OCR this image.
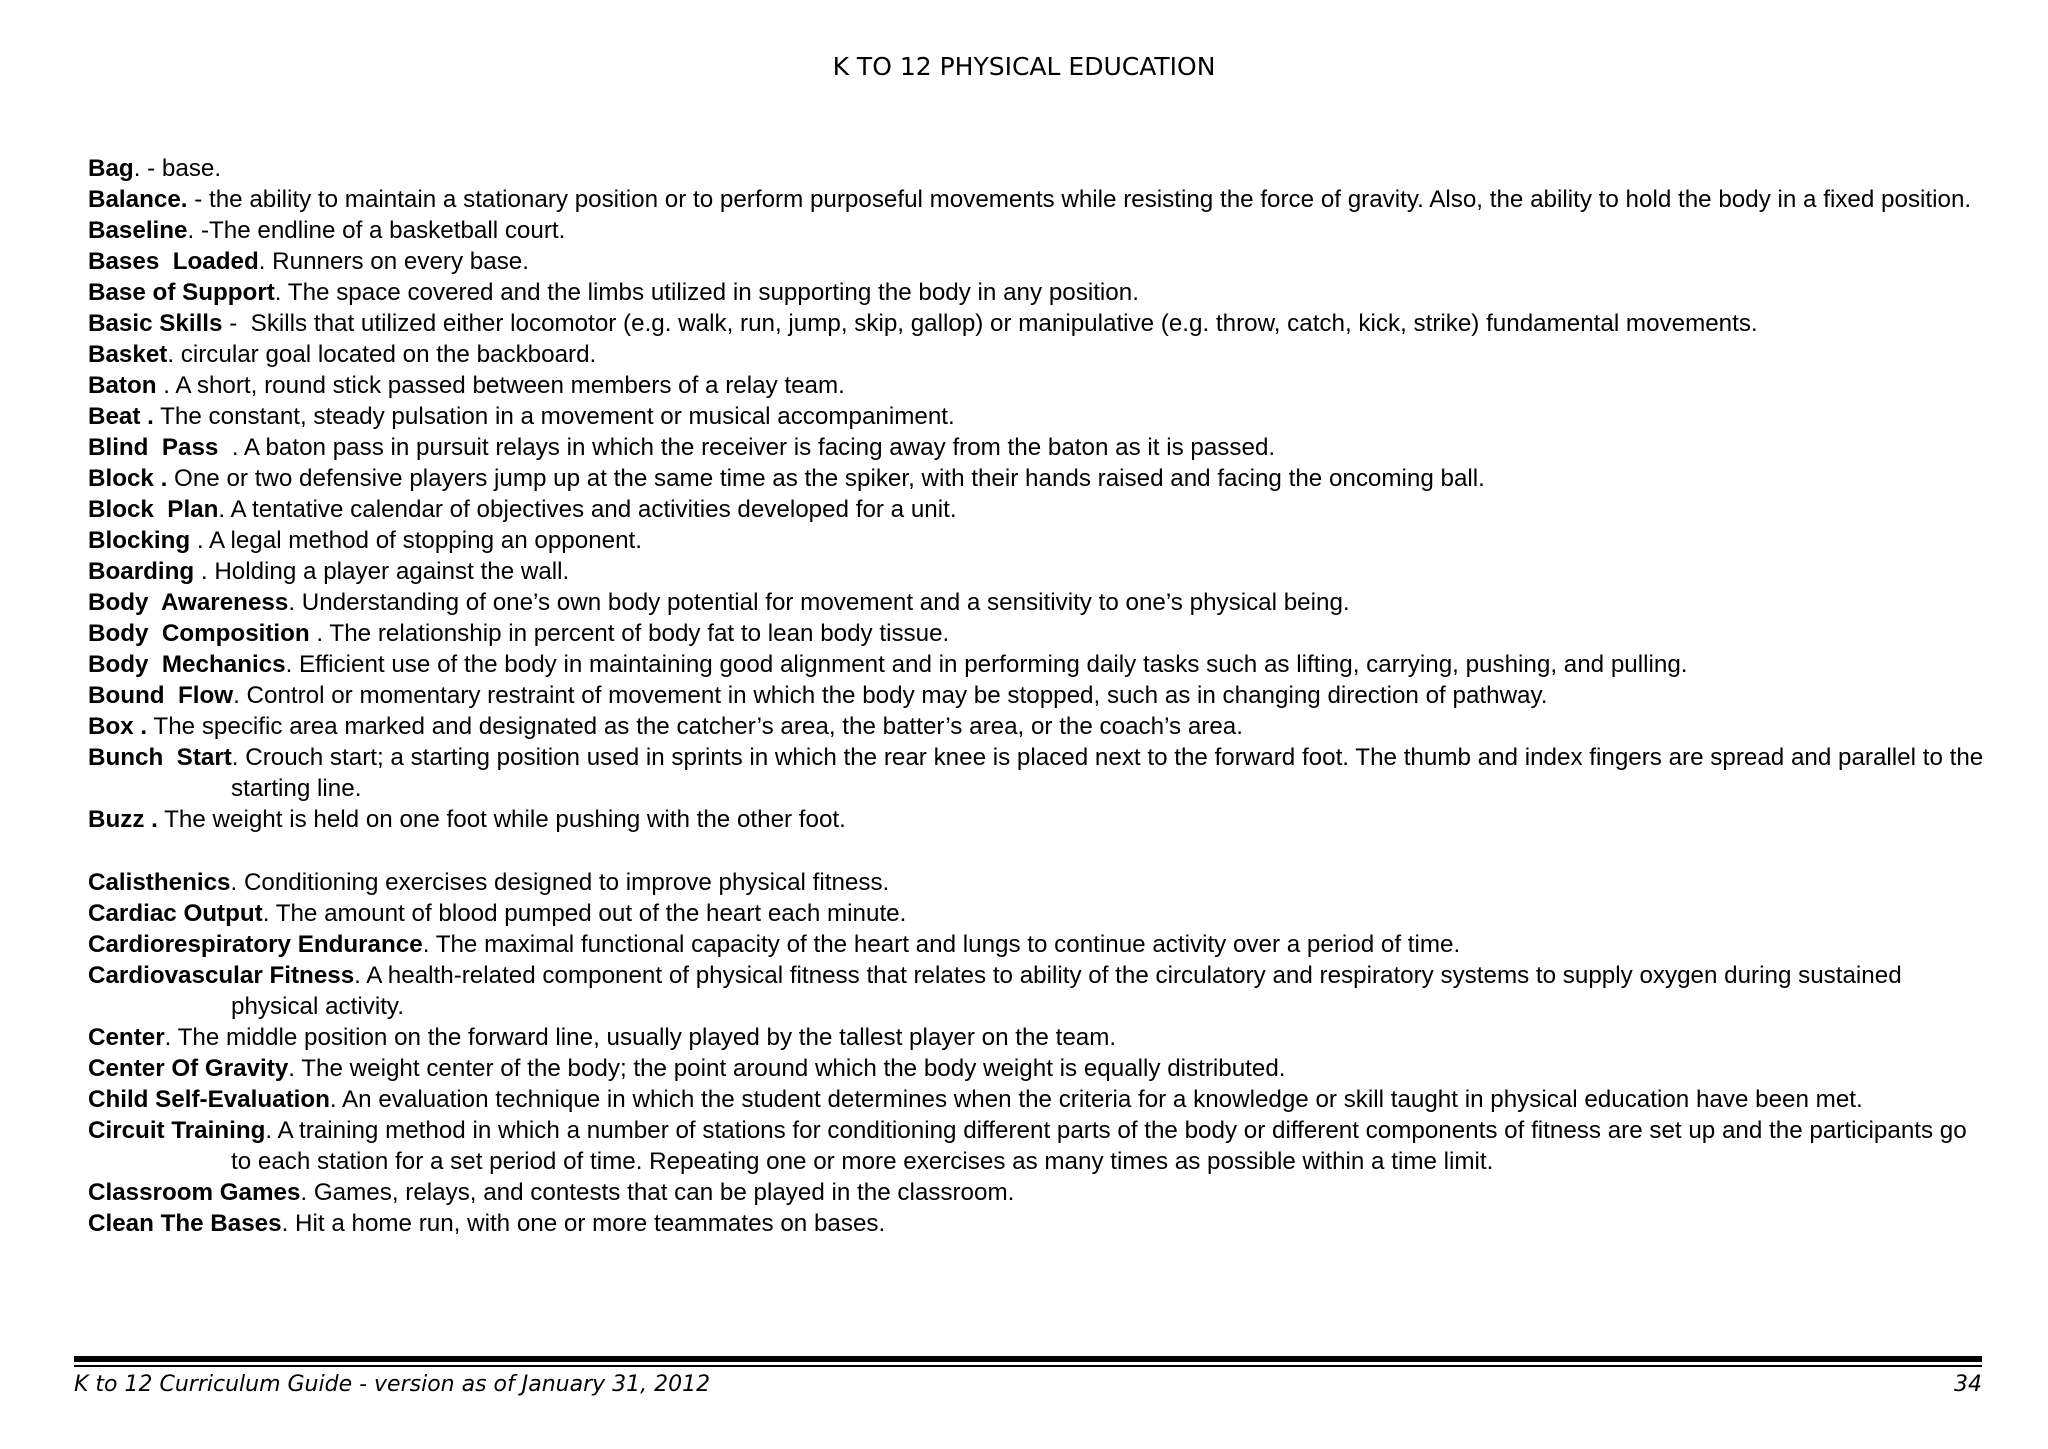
K TO 12 PHYSICAL EDUCATION
Bag. - base.
Balance. - the ability to maintain a stationary position or to perform purposeful movements while resisting the force of gravity. Also, the ability to hold the body in a fixed position.
Baseline. -The endline of a basketball court.
Bases  Loaded. Runners on every base.
Base of Support. The space covered and the limbs utilized in supporting the body in any position.
Basic Skills -  Skills that utilized either locomotor (e.g. walk, run, jump, skip, gallop) or manipulative (e.g. throw, catch, kick, strike) fundamental movements.
Basket. circular goal located on the backboard.
Baton . A short, round stick passed between members of a relay team.
Beat . The constant, steady pulsation in a movement or musical accompaniment.
Blind  Pass  . A baton pass in pursuit relays in which the receiver is facing away from the baton as it is passed.
Block . One or two defensive players jump up at the same time as the spiker, with their hands raised and facing the oncoming ball.
Block  Plan. A tentative calendar of objectives and activities developed for a unit.
Blocking . A legal method of stopping an opponent.
Boarding . Holding a player against the wall.
Body  Awareness. Understanding of one’s own body potential for movement and a sensitivity to one’s physical being.
Body  Composition . The relationship in percent of body fat to lean body tissue.
Body  Mechanics. Efficient use of the body in maintaining good alignment and in performing daily tasks such as lifting, carrying, pushing, and pulling.
Bound  Flow. Control or momentary restraint of movement in which the body may be stopped, such as in changing direction of pathway.
Box . The specific area marked and designated as the catcher’s area, the batter’s area, or the coach’s area.
Bunch  Start. Crouch start; a starting position used in sprints in which the rear knee is placed next to the forward foot. The thumb and index fingers are spread and parallel to the starting line.
Buzz . The weight is held on one foot while pushing with the other foot.
Calisthenics. Conditioning exercises designed to improve physical fitness.
Cardiac Output. The amount of blood pumped out of the heart each minute.
Cardiorespiratory Endurance. The maximal functional capacity of the heart and lungs to continue activity over a period of time.
Cardiovascular Fitness. A health-related component of physical fitness that relates to ability of the circulatory and respiratory systems to supply oxygen during sustained physical activity.
Center. The middle position on the forward line, usually played by the tallest player on the team.
Center Of Gravity. The weight center of the body; the point around which the body weight is equally distributed.
Child Self-Evaluation. An evaluation technique in which the student determines when the criteria for a knowledge or skill taught in physical education have been met.
Circuit Training. A training method in which a number of stations for conditioning different parts of the body or different components of fitness are set up and the participants go to each station for a set period of time. Repeating one or more exercises as many times as possible within a time limit.
Classroom Games. Games, relays, and contests that can be played in the classroom.
Clean The Bases. Hit a home run, with one or more teammates on bases.
K to 12 Curriculum Guide - version as of January 31, 2012	34
